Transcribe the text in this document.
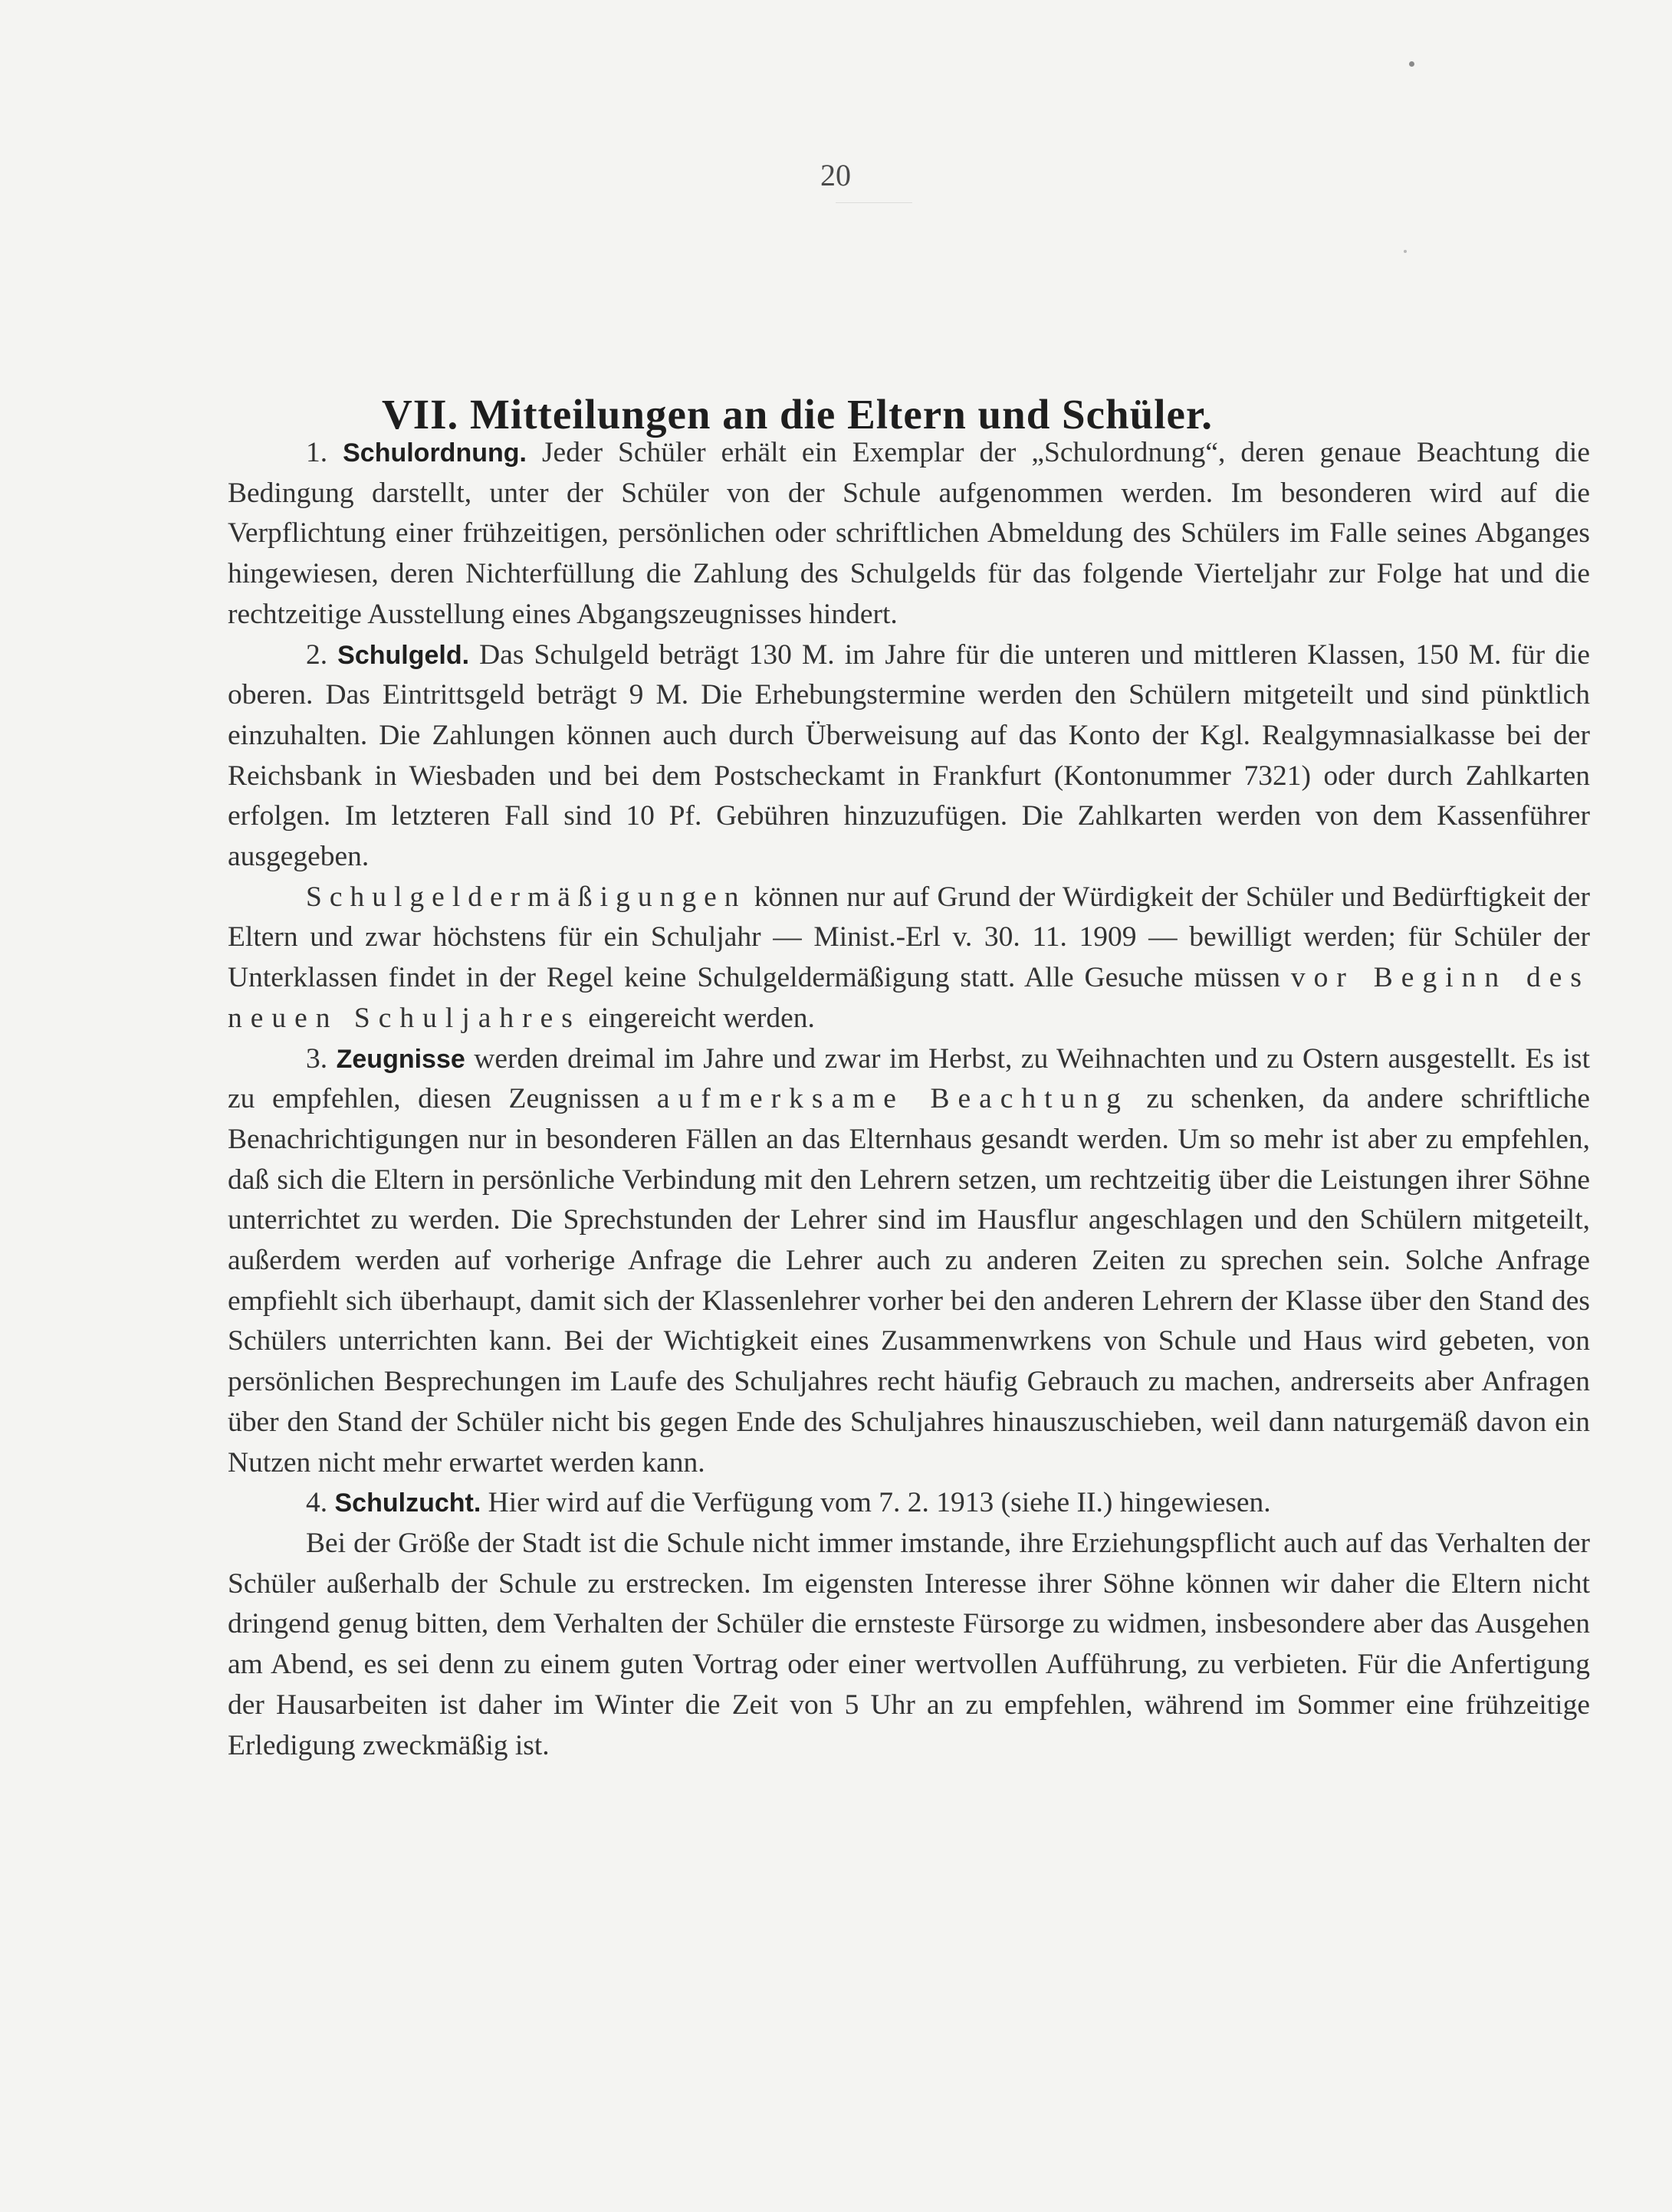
20
VII. Mitteilungen an die Eltern und Schüler.

1. Schulordnung. Jeder Schüler erhält ein Exemplar der „Schulordnung“, deren genaue Beachtung die Bedingung darstellt, unter der Schüler von der Schule aufgenommen werden. Im besonderen wird auf die Verpflichtung einer frühzeitigen, persönlichen oder schriftlichen Abmeldung des Schülers im Falle seines Abganges hingewiesen, deren Nichterfüllung die Zahlung des Schulgelds für das folgende Vierteljahr zur Folge hat und die rechtzeitige Ausstellung eines Abgangszeugnisses hindert.

2. Schulgeld. Das Schulgeld beträgt 130 M. im Jahre für die unteren und mittleren Klassen, 150 M. für die oberen. Das Eintrittsgeld beträgt 9 M. Die Erhebungstermine werden den Schülern mitgeteilt und sind pünktlich einzuhalten. Die Zahlungen können auch durch Überweisung auf das Konto der Kgl. Realgymnasialkasse bei der Reichsbank in Wiesbaden und bei dem Postscheckamt in Frankfurt (Kontonummer 7321) oder durch Zahlkarten erfolgen. Im letzteren Fall sind 10 Pf. Gebühren hinzuzufügen. Die Zahlkarten werden von dem Kassenführer ausgegeben.

Schulgeldermäßigungen können nur auf Grund der Würdigkeit der Schüler und Bedürftigkeit der Eltern und zwar höchstens für ein Schuljahr — Minist.-Erl v. 30. 11. 1909 — bewilligt werden; für Schüler der Unterklassen findet in der Regel keine Schulgeldermäßigung statt. Alle Gesuche müssen vor Beginn des neuen Schuljahres eingereicht werden.

3. Zeugnisse werden dreimal im Jahre und zwar im Herbst, zu Weihnachten und zu Ostern ausgestellt. Es ist zu empfehlen, diesen Zeugnissen aufmerksame Beachtung zu schenken, da andere schriftliche Benachrichtigungen nur in besonderen Fällen an das Elternhaus gesandt werden. Um so mehr ist aber zu empfehlen, daß sich die Eltern in persönliche Verbindung mit den Lehrern setzen, um rechtzeitig über die Leistungen ihrer Söhne unterrichtet zu werden. Die Sprechstunden der Lehrer sind im Hausflur angeschlagen und den Schülern mitgeteilt, außerdem werden auf vorherige Anfrage die Lehrer auch zu anderen Zeiten zu sprechen sein. Solche Anfrage empfiehlt sich überhaupt, damit sich der Klassenlehrer vorher bei den anderen Lehrern der Klasse über den Stand des Schülers unterrichten kann. Bei der Wichtigkeit eines Zusammenwrkens von Schule und Haus wird gebeten, von persönlichen Besprechungen im Laufe des Schuljahres recht häufig Gebrauch zu machen, andrerseits aber Anfragen über den Stand der Schüler nicht bis gegen Ende des Schuljahres hinauszuschieben, weil dann naturgemäß davon ein Nutzen nicht mehr erwartet werden kann.

4. Schulzucht. Hier wird auf die Verfügung vom 7. 2. 1913 (siehe II.) hingewiesen.

Bei der Größe der Stadt ist die Schule nicht immer imstande, ihre Erziehungspflicht auch auf das Verhalten der Schüler außerhalb der Schule zu erstrecken. Im eigensten Interesse ihrer Söhne können wir daher die Eltern nicht dringend genug bitten, dem Verhalten der Schüler die ernsteste Fürsorge zu widmen, insbesondere aber das Ausgehen am Abend, es sei denn zu einem guten Vortrag oder einer wertvollen Aufführung, zu verbieten. Für die Anfertigung der Hausarbeiten ist daher im Winter die Zeit von 5 Uhr an zu empfehlen, während im Sommer eine frühzeitige Erledigung zweckmäßig ist.
